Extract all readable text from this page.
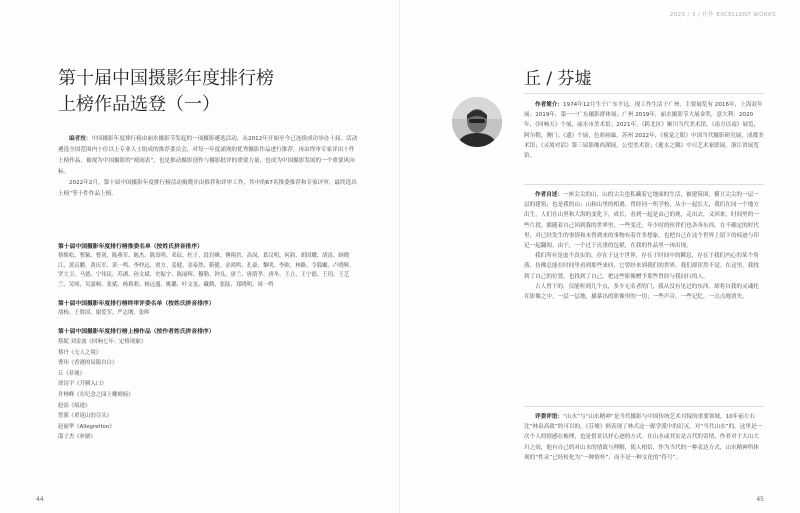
第十届中国摄影年度排行榜
上榜作品选登（一）

编者按：中国摄影年度排行榜由丽水摄影节发起的一项摄影遴选活动，从2012年开始至今已连续成功举办十届。活动遴选全国范围内十位以上专业人士组成的推荐委员会，对每一年度涌现的优秀摄影作品进行推荐，再由终审专家评出十件上榜作品，被视为中国摄影的“晴雨表”，也是推动摄影创作与摄影批评的重要力量，也成为中国摄影发展的一个重要风向标。

2022年2月，第十届中国摄影年度排行榜活动揭晓并由推荐和评审工作，其中的67名推委推荐和专家评审，最终选出上榜“等十件作品上榜。

第十届中国摄影年度排行榜推委名单（按姓氏拼音排序）
蔡焕松、曹颖、曹剑、陈燕军、陈杰、陈设明、邓辰、杜子、段岩峰、傅翔君、高岗、葛汉明、何韵、胡国耀、胡涛、顾晓江、黄启鹏、黄庆军、黄一鸣、李仲远、贾方、姜健、金泰然、靳健、金鸿鸣、孔豪、黎明、李欧、林路、令狐嫩、卢晓辉、罗大卫、马德、宁伟民、苏湖、孙文斌、史振宇、陈丽辉、穆勒、钟良、唐兰、唐荫孝、唐冬、王立、王宁德、王玥、王艺兰、吴顷、吴嘉顿、张斌、杨莉莉、杨远盛、姚璐、叶文龙、藏鹤、张陆、郑晓明、周一鸣
第十届中国摄影年度排行榜终审评委名单（按姓氏拼音排序）
胡杨、王胜国、谢爱军、严志刚、张晖
第十届中国摄影年度排行榜上榜作品（按作者姓氏拼音排序）
蔡妮 刘金波《回响七年：定格现象》
蔡丹《无人之境》
曹玮《香港的局限自白》
丘《菲墟》
徐诗宇《升腾入口》
许林峰《在纪念之园上雕刻痕》
赵添《痕迹》
曾旗《重返山的尽头》
赵丽华《Allegretton》
邵子杰《补剧》
44
2023 / 3 / 佳作 EXCELLENT WORKS
45
丘 / 芬墟

作者简介：1974年12月生于广东平远，现工作生活于广州，主要展览有 2016年，上海双年展；2019年，第一一广东摄影群体展；广州 2019年，丽水摄影节大展金奖，意大利：2020年，《回响天》个展，丽水市美术馆；2021年，《跨北区》顺川当代美术馆，《南方以南》展览，阿尔勒，澳门；《遗》个展，色彩画廊，苏州 2022年，《视觉之眼》中国当代摄影研究展，成都美术馆；《灵境对话》第三届影像西湖展，公望美术馆；《逝水之隅》中日艺术家联展，浙江省展览馆。

作者自述：一座尖尖的山，山的尖尖也私藏着它地面的生活，被建筑围，横亘尖尖的一层一层的建筑；也是我的山；山和山里的相遇。曾经同一所学校，从小一起长大，我们在同一个地方出生，人们在山里和大海的变化下，成长，看到一起是由己的现，走出去，又回来。时间里的一些片段，都随着自己回到我的世界里，一些变迁，年少时的伙伴们也各奔东西。在不确定的时代里，对已经发生的事情和未曾到来的事物有着许多想象，也把自己在这个世界上留下的痕迹与印记一起翻阅。由于，一个过于沉重的包袱，在我的作品里一再出现。

我们所有是虚不真实的，存在于这个世界，存在于时间中的瞬息，存在于我们内心的某个角落，仿佛总能在时间里看到那些来回，它曾经来到我们的世界，我们却浑然不觉。在这里，我找到了自己的位置，也找到了自己，把这些影像赠予那些曾经与我同行的人。

古人曾下的，仅能听到几个点，多少无名者的门，我从没有见过的东西，却将自我的灵魂托在影像之中，一层一层地，描摹出的影像里的一切；一些声音，一些记忆，一点点地消失。

评委评语：“山水”与“山水精神”是当代摄影与中国传统艺术对接的重要领域，10年前左右比“林泉高致”的可以的，《芬墟》则表现了林式这一源学派中的幻灭。对“当代山水”的，这里是一次个人的情感在梳理，也是借景以抒心迹的方式。在山水或其实是古代的寄情，作者对于大山大川之间，他有自己的对山水的情致与理解，使人相信，作为当代的一种表达方式，山水精神所体现的“性灵”已经转化为“一种情怀”，而不是一种文化的“符号”。
